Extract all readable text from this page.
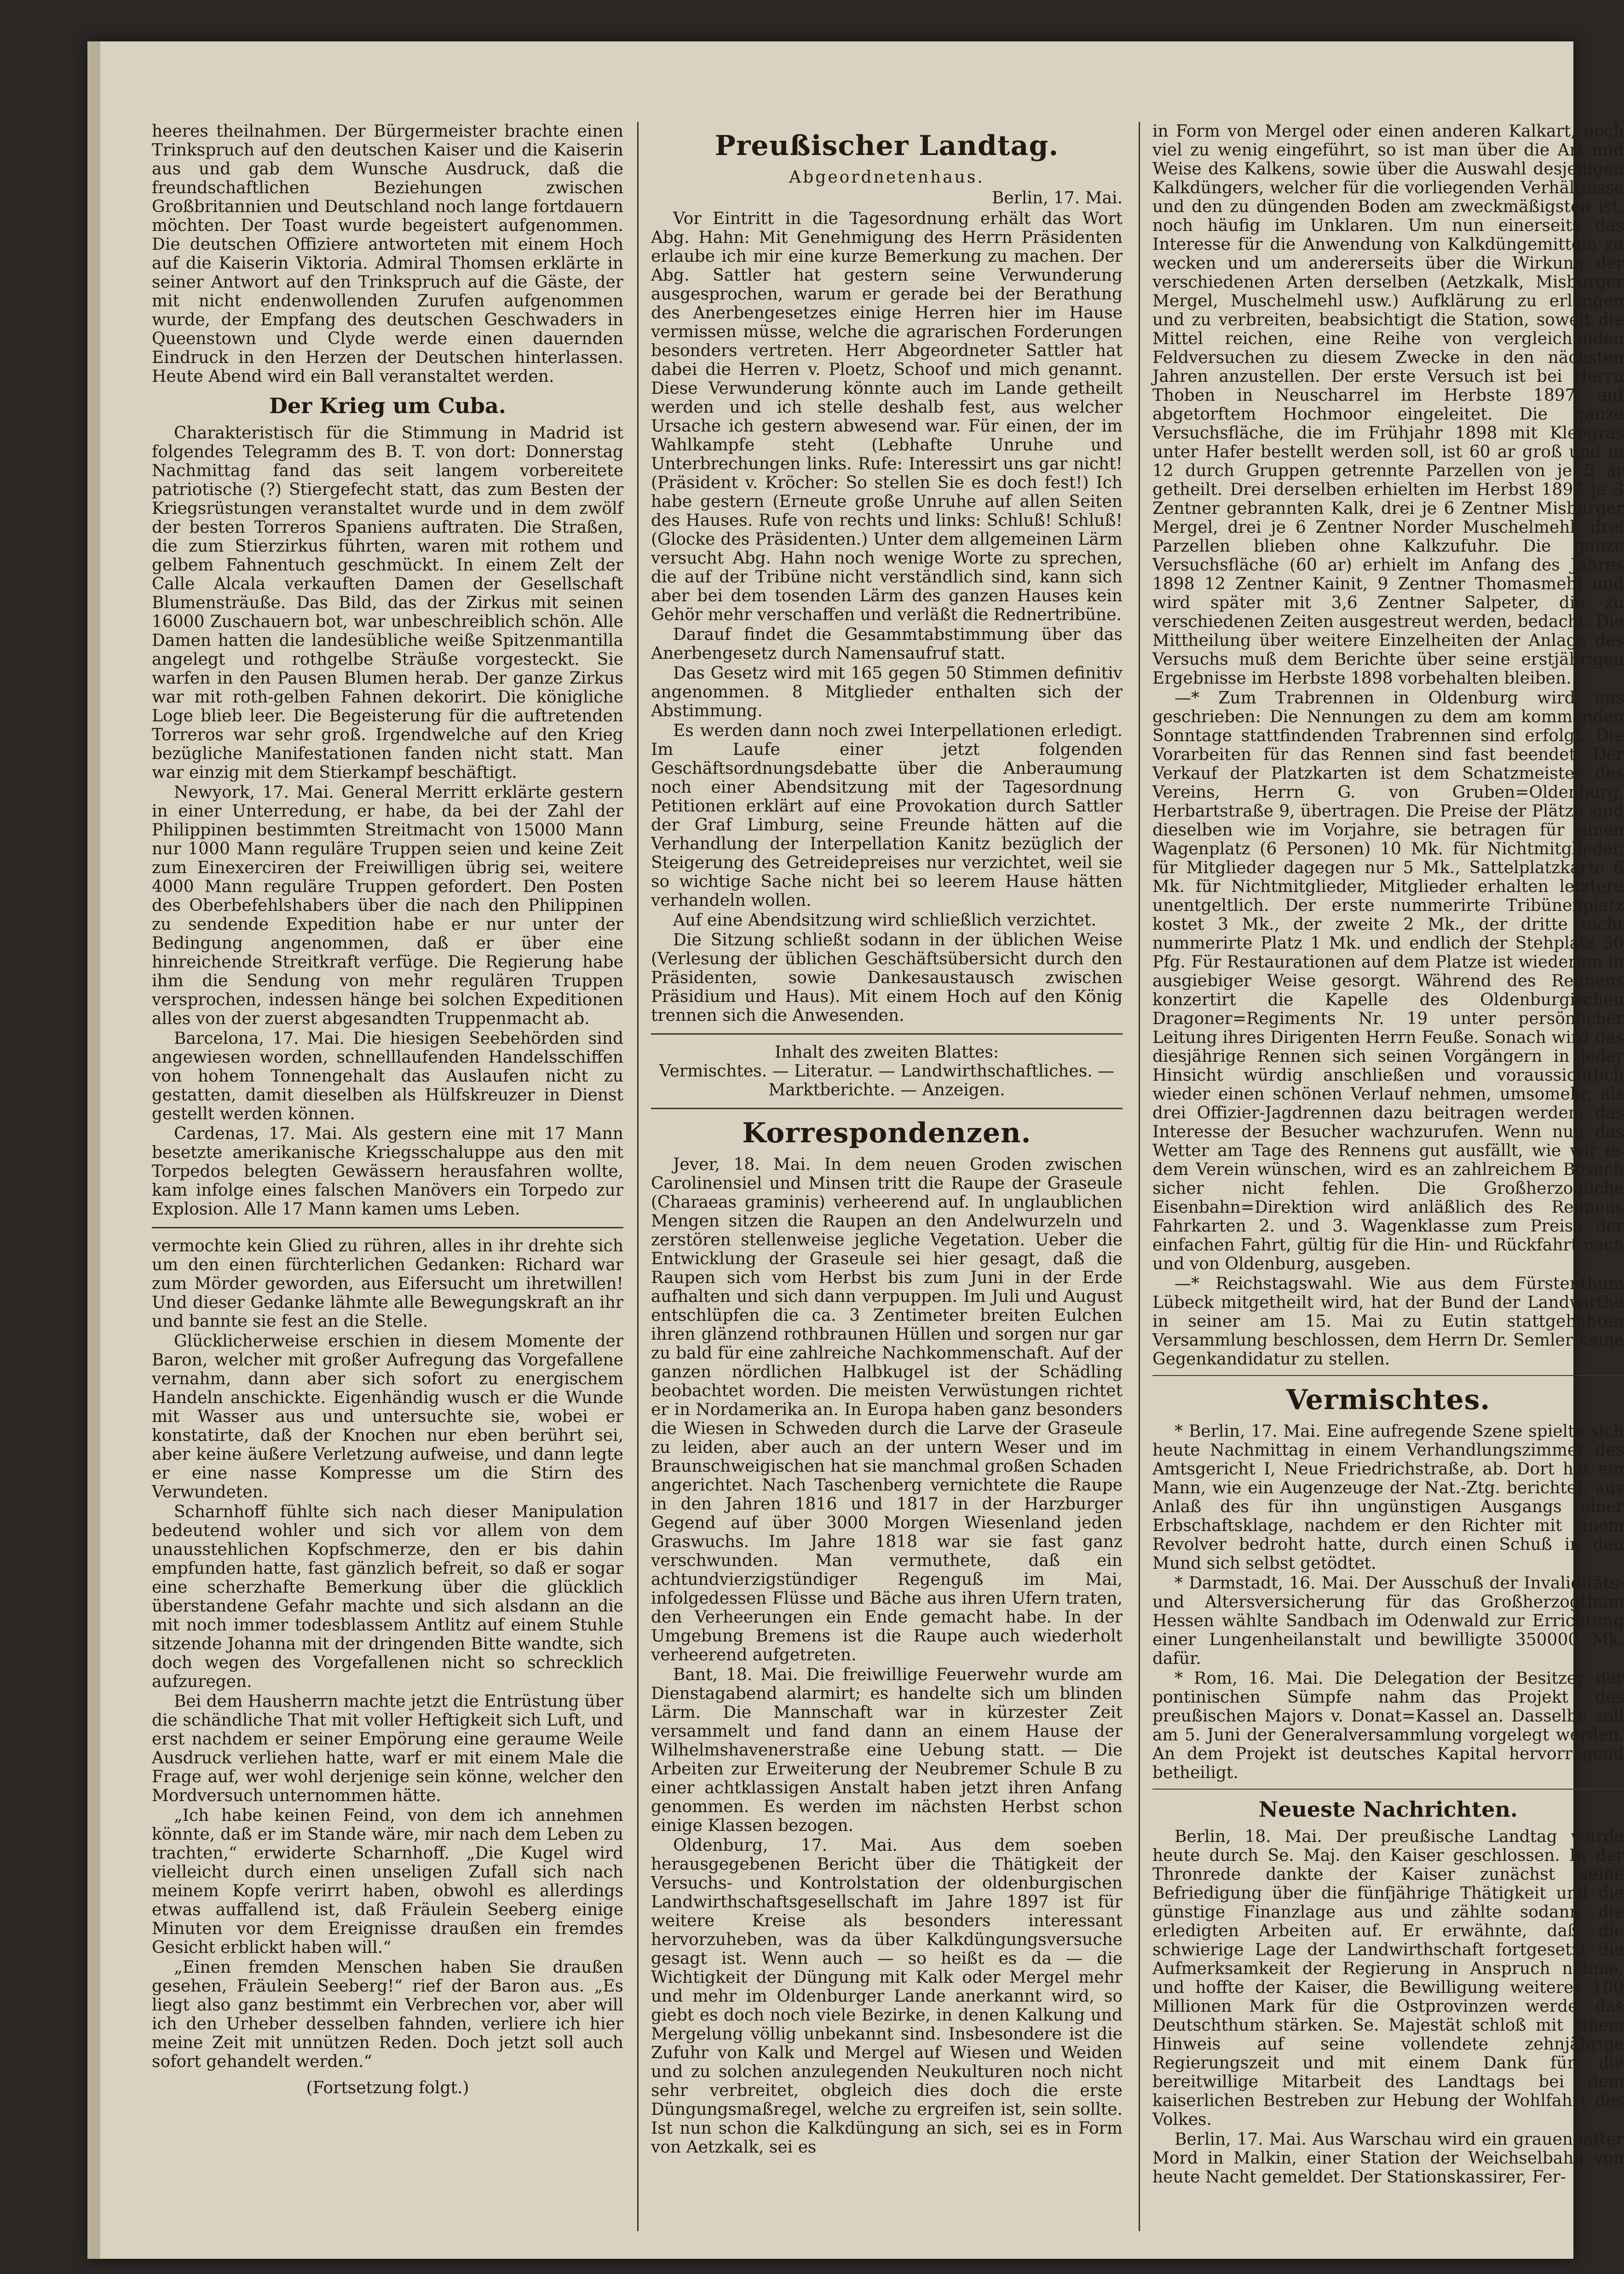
heeres theilnahmen. Der Bürgermeister brachte einen Trinkspruch auf den deutschen Kaiser und die Kaiserin aus und gab dem Wunsche Ausdruck, daß die freundschaftlichen Beziehungen zwischen Großbritannien und Deutschland noch lange fortdauern möchten. Der Toast wurde begeistert aufgenommen. Die deutschen Offiziere antworteten mit einem Hoch auf die Kaiserin Viktoria. Admiral Thomsen erklärte in seiner Antwort auf den Trinkspruch auf die Gäste, der mit nicht endenwollenden Zurufen aufgenommen wurde, der Empfang des deutschen Geschwaders in Queenstown und Clyde werde einen dauernden Eindruck in den Herzen der Deutschen hinterlassen. Heute Abend wird ein Ball veranstaltet werden.

Der Krieg um Cuba.

Charakteristisch für die Stimmung in Madrid ist folgendes Telegramm des B. T. von dort: Donnerstag Nachmittag fand das seit langem vorbereitete patriotische (?) Stiergefecht statt, das zum Besten der Kriegsrüstungen veranstaltet wurde und in dem zwölf der besten Torreros Spaniens auftraten. Die Straßen, die zum Stierzirkus führten, waren mit rothem und gelbem Fahnentuch geschmückt. In einem Zelt der Calle Alcala verkauften Damen der Gesellschaft Blumensträuße. Das Bild, das der Zirkus mit seinen 16000 Zuschauern bot, war unbeschreiblich schön. Alle Damen hatten die landesübliche weiße Spitzenmantilla angelegt und rothgelbe Sträuße vorgesteckt. Sie warfen in den Pausen Blumen herab. Der ganze Zirkus war mit roth-gelben Fahnen dekorirt. Die königliche Loge blieb leer. Die Begeisterung für die auftretenden Torreros war sehr groß. Irgendwelche auf den Krieg bezügliche Manifestationen fanden nicht statt. Man war einzig mit dem Stierkampf beschäftigt.

Newyork, 17. Mai. General Merritt erklärte gestern in einer Unterredung, er habe, da bei der Zahl der Philippinen bestimmten Streitmacht von 15000 Mann nur 1000 Mann reguläre Truppen seien und keine Zeit zum Einexerciren der Freiwilligen übrig sei, weitere 4000 Mann reguläre Truppen gefordert. Den Posten des Oberbefehlshabers über die nach den Philippinen zu sendende Expedition habe er nur unter der Bedingung angenommen, daß er über eine hinreichende Streitkraft verfüge. Die Regierung habe ihm die Sendung von mehr regulären Truppen versprochen, indessen hänge bei solchen Expeditionen alles von der zuerst abgesandten Truppenmacht ab.

Barcelona, 17. Mai. Die hiesigen Seebehörden sind angewiesen worden, schnelllaufenden Handelsschiffen von hohem Tonnengehalt das Auslaufen nicht zu gestatten, damit dieselben als Hülfskreuzer in Dienst gestellt werden können.

Cardenas, 17. Mai. Als gestern eine mit 17 Mann besetzte amerikanische Kriegsschaluppe aus den mit Torpedos belegten Gewässern herausfahren wollte, kam infolge eines falschen Manövers ein Torpedo zur Explosion. Alle 17 Mann kamen ums Leben.

vermochte kein Glied zu rühren, alles in ihr drehte sich um den einen fürchterlichen Gedanken: Richard war zum Mörder geworden, aus Eifersucht um ihretwillen! Und dieser Gedanke lähmte alle Bewegungskraft an ihr und bannte sie fest an die Stelle.

Glücklicherweise erschien in diesem Momente der Baron, welcher mit großer Aufregung das Vorgefallene vernahm, dann aber sich sofort zu energischem Handeln anschickte. Eigenhändig wusch er die Wunde mit Wasser aus und untersuchte sie, wobei er konstatirte, daß der Knochen nur eben berührt sei, aber keine äußere Verletzung aufweise, und dann legte er eine nasse Kompresse um die Stirn des Verwundeten.

Scharnhoff fühlte sich nach dieser Manipulation bedeutend wohler und sich vor allem von dem unausstehlichen Kopfschmerze, den er bis dahin empfunden hatte, fast gänzlich befreit, so daß er sogar eine scherzhafte Bemerkung über die glücklich überstandene Gefahr machte und sich alsdann an die mit noch immer todesblassem Antlitz auf einem Stuhle sitzende Johanna mit der dringenden Bitte wandte, sich doch wegen des Vorgefallenen nicht so schrecklich aufzuregen.

Bei dem Hausherrn machte jetzt die Entrüstung über die schändliche That mit voller Heftigkeit sich Luft, und erst nachdem er seiner Empörung eine geraume Weile Ausdruck verliehen hatte, warf er mit einem Male die Frage auf, wer wohl derjenige sein könne, welcher den Mordversuch unternommen hätte.

„Ich habe keinen Feind, von dem ich annehmen könnte, daß er im Stande wäre, mir nach dem Leben zu trachten,“ erwiderte Scharnhoff. „Die Kugel wird vielleicht durch einen unseligen Zufall sich nach meinem Kopfe verirrt haben, obwohl es allerdings etwas auffallend ist, daß Fräulein Seeberg einige Minuten vor dem Ereignisse draußen ein fremdes Gesicht erblickt haben will.“

„Einen fremden Menschen haben Sie draußen gesehen, Fräulein Seeberg!“ rief der Baron aus. „Es liegt also ganz bestimmt ein Verbrechen vor, aber will ich den Urheber desselben fahnden, verliere ich hier meine Zeit mit unnützen Reden. Doch jetzt soll auch sofort gehandelt werden.“

(Fortsetzung folgt.)
Preußischer Landtag.
Abgeordnetenhaus.
Berlin, 17. Mai.

Vor Eintritt in die Tagesordnung erhält das Wort Abg. Hahn: Mit Genehmigung des Herrn Präsidenten erlaube ich mir eine kurze Bemerkung zu machen. Der Abg. Sattler hat gestern seine Verwunderung ausgesprochen, warum er gerade bei der Berathung des Anerbengesetzes einige Herren hier im Hause vermissen müsse, welche die agrarischen Forderungen besonders vertreten. Herr Abgeordneter Sattler hat dabei die Herren v. Ploetz, Schoof und mich genannt. Diese Verwunderung könnte auch im Lande getheilt werden und ich stelle deshalb fest, aus welcher Ursache ich gestern abwesend war. Für einen, der im Wahlkampfe steht (Lebhafte Unruhe und Unterbrechungen links. Rufe: Interessirt uns gar nicht! (Präsident v. Kröcher: So stellen Sie es doch fest!) Ich habe gestern (Erneute große Unruhe auf allen Seiten des Hauses. Rufe von rechts und links: Schluß! Schluß! (Glocke des Präsidenten.) Unter dem allgemeinen Lärm versucht Abg. Hahn noch wenige Worte zu sprechen, die auf der Tribüne nicht verständlich sind, kann sich aber bei dem tosenden Lärm des ganzen Hauses kein Gehör mehr verschaffen und verläßt die Rednertribüne.

Darauf findet die Gesammtabstimmung über das Anerbengesetz durch Namensaufruf statt.

Das Gesetz wird mit 165 gegen 50 Stimmen definitiv angenommen. 8 Mitglieder enthalten sich der Abstimmung.

Es werden dann noch zwei Interpellationen erledigt. Im Laufe einer jetzt folgenden Geschäftsordnungsdebatte über die Anberaumung noch einer Abendsitzung mit der Tagesordnung Petitionen erklärt auf eine Provokation durch Sattler der Graf Limburg, seine Freunde hätten auf die Verhandlung der Interpellation Kanitz bezüglich der Steigerung des Getreidepreises nur verzichtet, weil sie so wichtige Sache nicht bei so leerem Hause hätten verhandeln wollen.

Auf eine Abendsitzung wird schließlich verzichtet.

Die Sitzung schließt sodann in der üblichen Weise (Verlesung der üblichen Geschäftsübersicht durch den Präsidenten, sowie Dankesaustausch zwischen Präsidium und Haus). Mit einem Hoch auf den König trennen sich die Anwesenden.

Inhalt des zweiten Blattes:
Vermischtes. — Literatur. — Landwirthschaftliches. — Marktberichte. — Anzeigen.
Korrespondenzen.

Jever, 18. Mai. In dem neuen Groden zwischen Carolinensiel und Minsen tritt die Raupe der Graseule (Charaeas graminis) verheerend auf. In unglaublichen Mengen sitzen die Raupen an den Andelwurzeln und zerstören stellenweise jegliche Vegetation. Ueber die Entwicklung der Graseule sei hier gesagt, daß die Raupen sich vom Herbst bis zum Juni in der Erde aufhalten und sich dann verpuppen. Im Juli und August entschlüpfen die ca. 3 Zentimeter breiten Eulchen ihren glänzend rothbraunen Hüllen und sorgen nur gar zu bald für eine zahlreiche Nachkommenschaft. Auf der ganzen nördlichen Halbkugel ist der Schädling beobachtet worden. Die meisten Verwüstungen richtet er in Nordamerika an. In Europa haben ganz besonders die Wiesen in Schweden durch die Larve der Graseule zu leiden, aber auch an der untern Weser und im Braunschweigischen hat sie manchmal großen Schaden angerichtet. Nach Taschenberg vernichtete die Raupe in den Jahren 1816 und 1817 in der Harzburger Gegend auf über 3000 Morgen Wiesenland jeden Graswuchs. Im Jahre 1818 war sie fast ganz verschwunden. Man vermuthete, daß ein achtundvierzigstündiger Regenguß im Mai, infolgedessen Flüsse und Bäche aus ihren Ufern traten, den Verheerungen ein Ende gemacht habe. In der Umgebung Bremens ist die Raupe auch wiederholt verheerend aufgetreten.

Bant, 18. Mai. Die freiwillige Feuerwehr wurde am Dienstagabend alarmirt; es handelte sich um blinden Lärm. Die Mannschaft war in kürzester Zeit versammelt und fand dann an einem Hause der Wilhelmshavenerstraße eine Uebung statt. — Die Arbeiten zur Erweiterung der Neubremer Schule B zu einer achtklassigen Anstalt haben jetzt ihren Anfang genommen. Es werden im nächsten Herbst schon einige Klassen bezogen.

Oldenburg, 17. Mai. Aus dem soeben herausgegebenen Bericht über die Thätigkeit der Versuchs- und Kontrolstation der oldenburgischen Landwirthschaftsgesellschaft im Jahre 1897 ist für weitere Kreise als besonders interessant hervorzuheben, was da über Kalkdüngungsversuche gesagt ist. Wenn auch — so heißt es da — die Wichtigkeit der Düngung mit Kalk oder Mergel mehr und mehr im Oldenburger Lande anerkannt wird, so giebt es doch noch viele Bezirke, in denen Kalkung und Mergelung völlig unbekannt sind. Insbesondere ist die Zufuhr von Kalk und Mergel auf Wiesen und Weiden und zu solchen anzulegenden Neukulturen noch nicht sehr verbreitet, obgleich dies doch die erste Düngungsmaßregel, welche zu ergreifen ist, sein sollte. Ist nun schon die Kalkdüngung an sich, sei es in Form von Aetzkalk, sei es

in Form von Mergel oder einen anderen Kalkart, noch viel zu wenig eingeführt, so ist man über die Art und Weise des Kalkens, sowie über die Auswahl desjenigen Kalkdüngers, welcher für die vorliegenden Verhältnisse und den zu düngenden Boden am zweckmäßigsten ist, noch häufig im Unklaren. Um nun einerseits das Interesse für die Anwendung von Kalkdüngemitteln zu wecken und um andererseits über die Wirkung der verschiedenen Arten derselben (Aetzkalk, Misburger Mergel, Muschelmehl usw.) Aufklärung zu erlangen und zu verbreiten, beabsichtigt die Station, soweit die Mittel reichen, eine Reihe von vergleichenden Feldversuchen zu diesem Zwecke in den nächsten Jahren anzustellen. Der erste Versuch ist bei Herrn Thoben in Neuscharrel im Herbste 1897 auf abgetorftem Hochmoor eingeleitet. Die ganze Versuchsfläche, die im Frühjahr 1898 mit Kleegras unter Hafer bestellt werden soll, ist 60 ar groß und in 12 durch Gruppen getrennte Parzellen von je 5 ar getheilt. Drei derselben erhielten im Herbst 1897 je 3 Zentner gebrannten Kalk, drei je 6 Zentner Misburger Mergel, drei je 6 Zentner Norder Muschelmehl; drei Parzellen blieben ohne Kalkzufuhr. Die ganze Versuchsfläche (60 ar) erhielt im Anfang des Jahres 1898 12 Zentner Kainit, 9 Zentner Thomasmehl und wird später mit 3,6 Zentner Salpeter, die zu verschiedenen Zeiten ausgestreut werden, bedacht. Die Mittheilung über weitere Einzelheiten der Anlage des Versuchs muß dem Berichte über seine erstjährigen Ergebnisse im Herbste 1898 vorbehalten bleiben.

—* Zum Trabrennen in Oldenburg wird uns geschrieben: Die Nennungen zu dem am kommenden Sonntage stattfindenden Trabrennen sind erfolgt. Die Vorarbeiten für das Rennen sind fast beendet. Der Verkauf der Platzkarten ist dem Schatzmeister des Vereins, Herrn G. von Gruben=Oldenburg, Herbartstraße 9, übertragen. Die Preise der Plätze sind dieselben wie im Vorjahre, sie betragen für einen Wagenplatz (6 Personen) 10 Mk. für Nichtmitglieder, für Mitglieder dagegen nur 5 Mk., Sattelplatzkarte 6 Mk. für Nichtmitglieder, Mitglieder erhalten letztere unentgeltlich. Der erste nummerirte Tribünenplatz kostet 3 Mk., der zweite 2 Mk., der dritte nicht nummerirte Platz 1 Mk. und endlich der Stehplatz 50 Pfg. Für Restaurationen auf dem Platze ist wiederum in ausgiebiger Weise gesorgt. Während des Rennens konzertirt die Kapelle des Oldenburgischen Dragoner=Regiments Nr. 19 unter persönlicher Leitung ihres Dirigenten Herrn Feuße. Sonach wird das diesjährige Rennen sich seinen Vorgängern in jeder Hinsicht würdig anschließen und voraussichtlich wieder einen schönen Verlauf nehmen, umsomehr, als drei Offizier-Jagdrennen dazu beitragen werden, das Interesse der Besucher wachzurufen. Wenn nun das Wetter am Tage des Rennens gut ausfällt, wie wir es dem Verein wünschen, wird es an zahlreichem Besuch sicher nicht fehlen. Die Großherzogliche Eisenbahn=Direktion wird anläßlich des Rennens Fahrkarten 2. und 3. Wagenklasse zum Preise der einfachen Fahrt, gültig für die Hin- und Rückfahrt nach und von Oldenburg, ausgeben.

—* Reichstagswahl. Wie aus dem Fürstenthum Lübeck mitgetheilt wird, hat der Bund der Landwirthe in seiner am 15. Mai zu Eutin stattgehabten Versammlung beschlossen, dem Herrn Dr. Semler keine Gegenkandidatur zu stellen.

Vermischtes.

* Berlin, 17. Mai. Eine aufregende Szene spielte sich heute Nachmittag in einem Verhandlungszimmer des Amtsgericht I, Neue Friedrichstraße, ab. Dort hat ein Mann, wie ein Augenzeuge der Nat.-Ztg. berichtet, aus Anlaß des für ihn ungünstigen Ausgangs einer Erbschaftsklage, nachdem er den Richter mit einem Revolver bedroht hatte, durch einen Schuß in den Mund sich selbst getödtet.

* Darmstadt, 16. Mai. Der Ausschuß der Invaliditäts- und Altersversicherung für das Großherzogthum Hessen wählte Sandbach im Odenwald zur Errichtung einer Lungenheilanstalt und bewilligte 350000 Mk. dafür.

* Rom, 16. Mai. Die Delegation der Besitzer der pontinischen Sümpfe nahm das Projekt des preußischen Majors v. Donat=Kassel an. Dasselbe soll am 5. Juni der Generalversammlung vorgelegt werden. An dem Projekt ist deutsches Kapital hervorragend betheiligt.

Neueste Nachrichten.

Berlin, 18. Mai. Der preußische Landtag wurde heute durch Se. Maj. den Kaiser geschlossen. In der Thronrede dankte der Kaiser zunächst seine Befriedigung über die fünfjährige Thätigkeit und die günstige Finanzlage aus und zählte sodann die erledigten Arbeiten auf. Er erwähnte, daß die schwierige Lage der Landwirthschaft fortgesetzt die Aufmerksamkeit der Regierung in Anspruch nehme, und hoffte der Kaiser, die Bewilligung weiterer 100 Millionen Mark für die Ostprovinzen werde das Deutschthum stärken. Se. Majestät schloß mit einem Hinweis auf seine vollendete zehnjährige Regierungszeit und mit einem Dank für die bereitwillige Mitarbeit des Landtags bei dem kaiserlichen Bestreben zur Hebung der Wohlfahrt des Volkes.

Berlin, 17. Mai. Aus Warschau wird ein grauenhafter Mord in Malkin, einer Station der Weichselbahn von heute Nacht gemeldet. Der Stationskassirer, Fer-
